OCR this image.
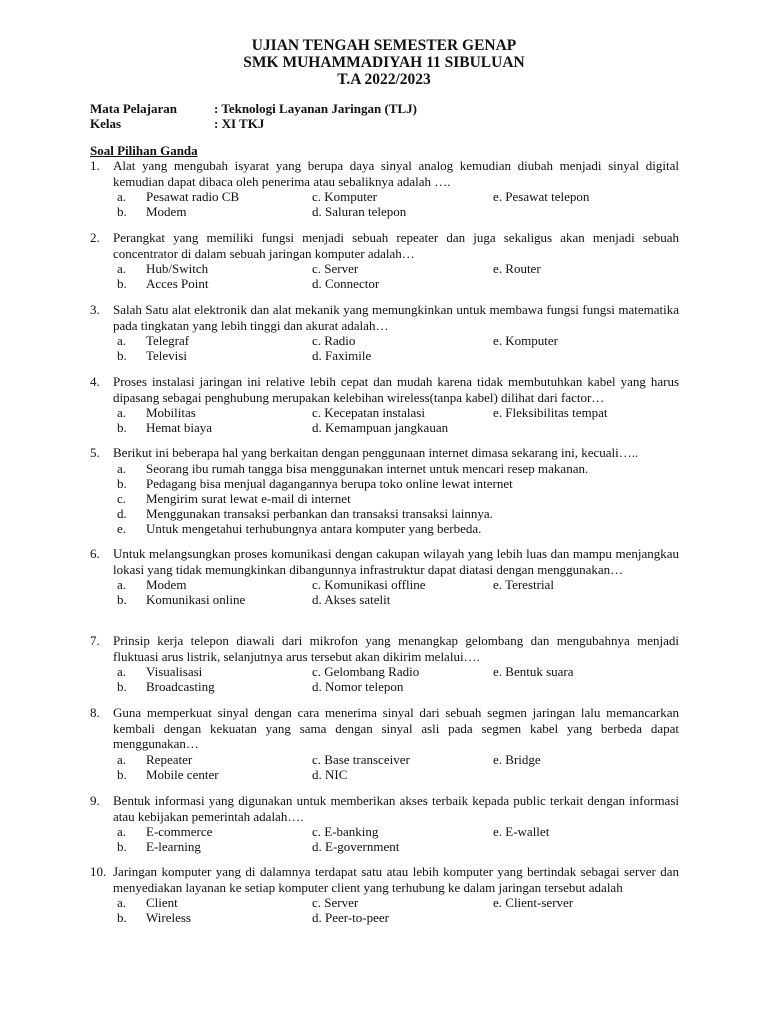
UJIAN TENGAH SEMESTER GENAP
SMK MUHAMMADIYAH 11 SIBULUAN
T.A 2022/2023
Mata Pelajaran	: Teknologi Layanan Jaringan (TLJ)
Kelas	: XI TKJ
Soal Pilihan Ganda
1. Alat yang mengubah isyarat yang berupa daya sinyal analog kemudian diubah menjadi sinyal digital kemudian dapat dibaca oleh penerima atau sebaliknya adalah ….
a.	Pesawat radio CB	c. Komputer	e. Pesawat telepon
b.	Modem	d. Saluran telepon
2. Perangkat yang memiliki fungsi menjadi sebuah repeater dan juga sekaligus akan menjadi sebuah concentrator di dalam sebuah jaringan komputer adalah…
a.	Hub/Switch	c. Server	e. Router
b.	Acces Point	d. Connector
3. Salah Satu alat elektronik dan alat mekanik yang memungkinkan untuk membawa fungsi fungsi matematika pada tingkatan yang lebih tinggi dan akurat adalah…
a.	Telegraf	c. Radio	e. Komputer
b.	Televisi	d. Faximile
4. Proses instalasi jaringan ini relative lebih cepat dan mudah karena tidak membutuhkan kabel yang harus dipasang sebagai penghubung merupakan kelebihan wireless(tanpa kabel) dilihat dari factor…
a.	Mobilitas	c. Kecepatan instalasi	e. Fleksibilitas tempat
b.	Hemat biaya	d. Kemampuan jangkauan
5. Berikut ini beberapa hal yang berkaitan dengan penggunaan internet dimasa sekarang ini, kecuali…..
a.	Seorang ibu rumah tangga bisa menggunakan internet untuk mencari resep makanan.
b.	Pedagang bisa menjual dagangannya berupa toko online lewat internet
c.	Mengirim surat lewat e-mail di internet
d.	Menggunakan transaksi perbankan dan transaksi transaksi lainnya.
e.	Untuk mengetahui terhubungnya antara komputer yang berbeda.
6. Untuk melangsungkan proses komunikasi dengan cakupan wilayah yang lebih luas dan mampu menjangkau lokasi yang tidak memungkinkan dibangunnya infrastruktur dapat diatasi dengan menggunakan…
a.	Modem	c. Komunikasi offline	e. Terestrial
b.	Komunikasi online	d. Akses satelit
7. Prinsip kerja telepon diawali dari mikrofon yang menangkap gelombang dan mengubahnya menjadi fluktuasi arus listrik, selanjutnya arus tersebut akan dikirim melalui….
a.	Visualisasi	c. Gelombang Radio	e. Bentuk suara
b.	Broadcasting	d. Nomor telepon
8. Guna memperkuat sinyal dengan cara menerima sinyal dari sebuah segmen jaringan lalu memancarkan kembali dengan kekuatan yang sama dengan sinyal asli pada segmen kabel yang berbeda dapat menggunakan…
a.	Repeater	c. Base transceiver	e. Bridge
b.	Mobile center	d. NIC
9. Bentuk informasi yang digunakan untuk memberikan akses terbaik kepada public terkait dengan informasi atau kebijakan pemerintah adalah….
a.	E-commerce	c. E-banking	e. E-wallet
b.	E-learning	d. E-government
10. Jaringan komputer yang di dalamnya terdapat satu atau lebih komputer yang bertindak sebagai server dan menyediakan layanan ke setiap komputer client yang terhubung ke dalam jaringan tersebut adalah
a.	Client	c. Server	e. Client-server
b.	Wireless	d. Peer-to-peer
